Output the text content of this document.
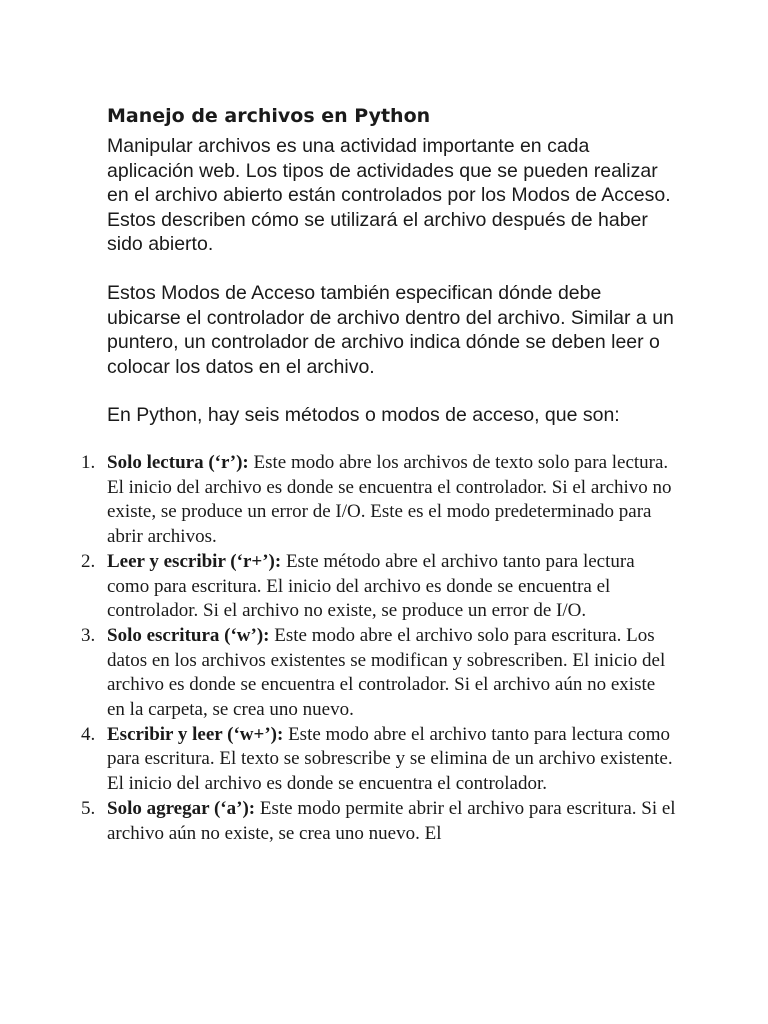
Manejo de archivos en Python

Manipular archivos es una actividad importante en cada aplicación web. Los tipos de actividades que se pueden realizar en el archivo abierto están controlados por los Modos de Acceso. Estos describen cómo se utilizará el archivo después de haber sido abierto.

Estos Modos de Acceso también especifican dónde debe ubicarse el controlador de archivo dentro del archivo. Similar a un puntero, un controlador de archivo indica dónde se deben leer o colocar los datos en el archivo.

En Python, hay seis métodos o modos de acceso, que son:

1. Solo lectura (‘r’): Este modo abre los archivos de texto solo para lectura. El inicio del archivo es donde se encuentra el controlador. Si el archivo no existe, se produce un error de I/O. Este es el modo predeterminado para abrir archivos.
2. Leer y escribir (‘r+’): Este método abre el archivo tanto para lectura como para escritura. El inicio del archivo es donde se encuentra el controlador. Si el archivo no existe, se produce un error de I/O.
3. Solo escritura (‘w’): Este modo abre el archivo solo para escritura. Los datos en los archivos existentes se modifican y sobrescriben. El inicio del archivo es donde se encuentra el controlador. Si el archivo aún no existe en la carpeta, se crea uno nuevo.
4. Escribir y leer (‘w+’): Este modo abre el archivo tanto para lectura como para escritura. El texto se sobrescribe y se elimina de un archivo existente. El inicio del archivo es donde se encuentra el controlador.
5. Solo agregar (‘a’): Este modo permite abrir el archivo para escritura. Si el archivo aún no existe, se crea uno nuevo. El
